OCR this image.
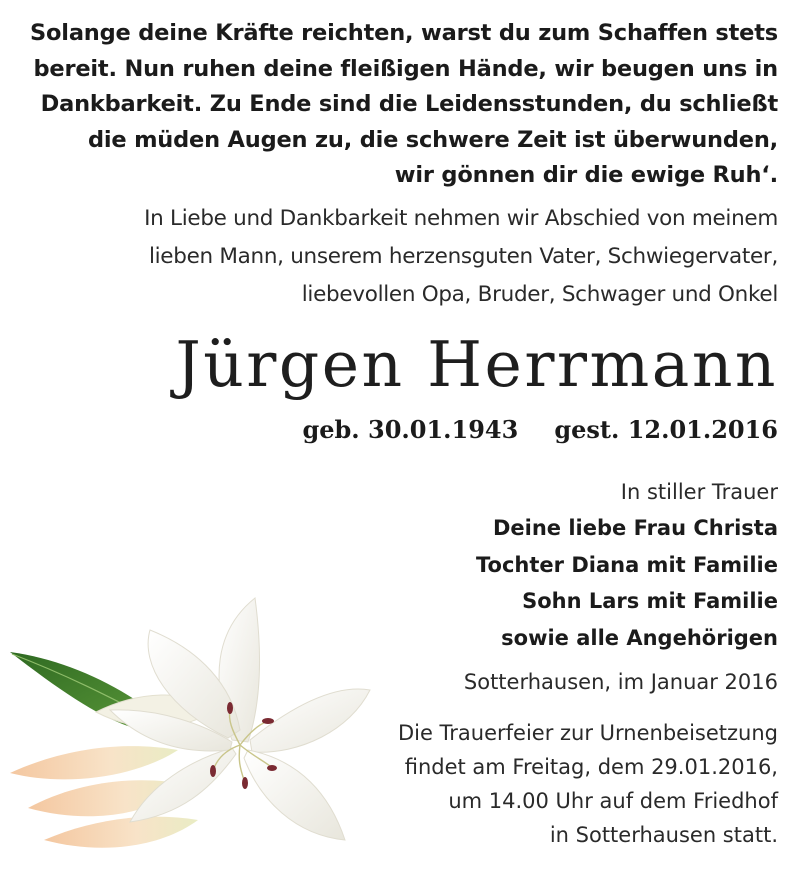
Solange deine Kräfte reichten, warst du zum Schaffen stets
bereit. Nun ruhen deine fleißigen Hände, wir beugen uns in
Dankbarkeit. Zu Ende sind die Leidensstunden, du schließt
die müden Augen zu, die schwere Zeit ist überwunden,
wir gönnen dir die ewige Ruh‘.
In Liebe und Dankbarkeit nehmen wir Abschied von meinem
lieben Mann, unserem herzensguten Vater, Schwiegervater,
liebevollen Opa, Bruder, Schwager und Onkel
Jürgen Herrmann
geb. 30.01.1943 gest. 12.01.2016
In stiller Trauer
Deine liebe Frau Christa
Tochter Diana mit Familie
Sohn Lars mit Familie
sowie alle Angehörigen
Sotterhausen, im Januar 2016
Die Trauerfeier zur Urnenbeisetzung
findet am Freitag, dem 29.01.2016,
um 14.00 Uhr auf dem Friedhof
in Sotterhausen statt.
